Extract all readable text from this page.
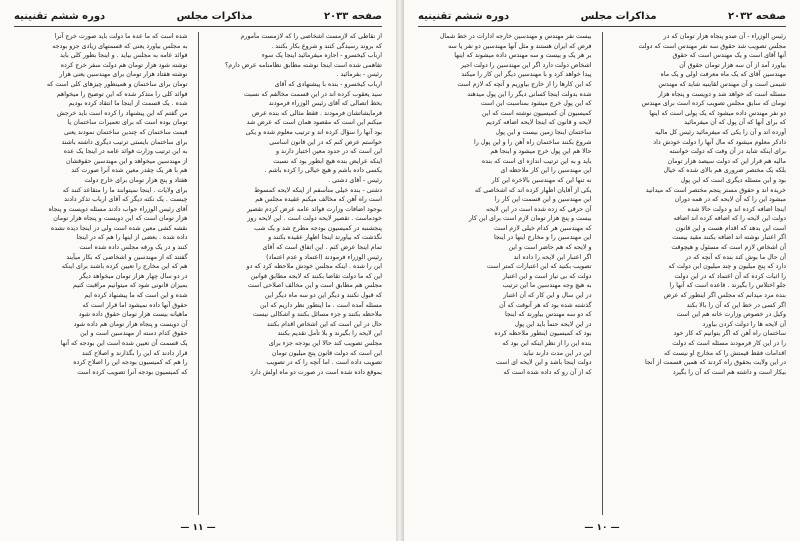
دوره ششم تقنینیه	مذاکرات مجلس	صفحه ۲۰۳۳
از نقاطی که لازمست اشخاصی را که لازمست مأمورم
که بروند رسیدگی کنند و شروع بکار بکنند .
ارباب کیخسرو - اجازه میفرمائید اینجا یک سوء
تفاهمی شده است اینجا نوشته مطابق نظامنامه عرض دارم؟
رئیس - بفرمائید .
ارباب کیخسرو - بنده با پیشنهادی که آقای
سید یعقوب کرده اند در این قسمت مخالفم که نسبت
بخط اتصالی که آقای رئیس الوزراء فرمودند
فرمایشاتشان فرمودند . فقط مثالی که بنده عرض
میکنم این است که مقصود همان است که عرض شد
بود آنها را سؤال کرده اند و ترتیب معلوم شده و یکی
خواستم عرض کنم که در این قانون اساسی
این است که در حدود معین اختیار دارند و
اینکه عرایض بنده هیچ ابطور بود که نسبت
یکسی داده باشم و هیچ خیالی را کرده باشم .
رئیس - آقای دشتی .
دشتی - بنده خیلی متأسفم از اینکه لایحه کمسوط
است راه آهن که مخالف میکنم عقیده مجلس هم
بوجود اضافات وزارت فوائد عامه عرض کردم تقصیر
خودماست . تقصیر لایحه دولت است . این لایحه روز
پنجشنبه در کمیسیون بودجه مطرح شد و یک شب
نگذشت که بیاورند اینجا اظهار عقیده بکنند و
تمام اینجا عرض کنم . این اتفاق است که آقای
رئیس الوزراء فرمودند (اعتماد و عدم اعتماد)
این را شده . اینکه مجلس خودش ملاحظه کرد که دو
این که ما دولت تقاضا بکنند که لایحه مطابق قوانین
مجلس هم مطابق است و این مخالف اصلاحی است
که قبول نکنند و دیگر این دو سه ماه دیگر این
مسئله آمده است . ما اینطور نظر داریم که این
ملاحظه بکنند و جزء مسائل بکنند و اشکالی نیست
حال در این است که این اشخاص اقدام بکنند
این لایحه را بگیرند و بلا تأمل تقدیم بکنند
مجلس تصویب کند حالا این بودجه جزء برای
این است که دولت قانون پنج میلیون تومان
تصویب داده است . اما آنچه را که در تصویب
بموقع داده شده است در صورت دو ماه اولش دارد
شده است که ما عده ما دولت باید صورت خرج آنرا
به مجلس بیاورد یعنی که قسمتهای زیادی جزو بودجه
فوائد عامه به مجلس بیاید . و اینجا بطور کلی باید
نوشته شود هزار تومان هم دولت سفر خرج کرده
نوشته هفتاد هزار تومان برای مهندسین یعنی هزار
تومان برای ساختمان و همینطور چیزهای کلی است که
فوائد کلی را متذکر شده که این توضیح را میخواهم
شده . یک قسمت از اینجا ما انتقاد کرده بودیم
من گفتم که این پیشنهاد را کرده است باید خرجش
تومان بوده است که برای تعمیرات ساختمان یا
قیمت ساختمان که چندین ساختمان نمودند یعنی
برای ساختمان بایستی ترتیب دیگری داشته باشند
به این ترتیب وزارت فوائد عامه در اینجا یک عده
از مهندسین میخواهد و این مهندسین حقوقشان
هم با هر یک چقدر معین شده آنرا صورت کند
هفتاد و پنج هزار تومان برای خارج دولت
برای ولایات . اینجا نمیتوانند ما را متقاعد کنند که
چیست . یک نکته دیگر که آقای ارباب تذکر دادند
آقای رئیس الوزراء جواب دادند مسئله دویست و پنجاه
هزار تومان است که این دویست و پنجاه هزار تومان
نقشه کشی معین شده است ولی در اینجا دیده نشده
داده شده . بعضی از اینها را هم که در اینجا
کنند و در یک ورقه مجلس داده شده است
گفتند که از مهندسین و اشخاصی که بکار میآیند
هم که این مخارج را تعیین کرده باشند برای اینکه
در دو سال چهار هزار تومان میخواهد دیگر
بمیزان قانونی شود که میتوانیم مراقبت کنیم
شده و این است که ما پیشنهاد کرده ایم
حقوق آنها داده نمیشود اما قرار است که
ماهیانه بیست هزار تومان حقوق داده شود
آن دویست و پنجاه هزار تومان هم داده شود
حقوق کدام دسته از مهندسین است و این
یک قسمت آن تعیین شده است این بودجه که آنها
قرار دادند که این را بگذارند و اصلاح کنند
را هم که کمیسیون بودجه این را اصلاح کرده
که کمیسیون بودجه آنرا تصویب کرده است
— ۱۱ —
دوره ششم تقنینیه	مذاکرات مجلس	صفحه ۲۰۳۲
رئیس الوزراء - آن صدو پنجاه هزار تومان که در
مجلس تصویب شد حقوق سه نفر مهندس است که دولت
آنها آقای است و یک مهندس است که حقوق
بیاورد آمد از آن سه هزار تومان حقوق آن
مهندسین آقای که یک ماه معرفت اولی و یک ماه
شیمی است و آن مهندس لقاینیه شاید که مهندس
مسئله است که خواهد شد و دویست و پنجاه هزار
تومان که سابق مجلس تصویب کرده است برای مهندس
دو نفر مهندس داده میشود که یک پولی است که اینها
که برای آنها که آن پول که آن میفرمائید
آورده اند و آن را یکی که میفرمائید رئیس کل مالیه
دادکر معلوم میشود که مال آنها را دولت خودش داد
برای اینکه شاید در آن وقت که دولت خواسته
مالیه هم قرار این که دولت سیصد هزار تومان
بلکه یک مختصر ضروری هم بالای شده که خیال
بود و این مسئله دیگری است که این پول
خریده اند و حقوق مستر پنجم مختصر است که میدانید
میشود این را که آن لایحه که در همه دوران
اینجا اضافه کرده اند و دولت حالا شده
دولت این لایحه را که اضافه کرده اند اضافه
است این بدهد که اقدام هست و این قانون
اگر اعتبار نوشته اند اضافه بکنند مقید بیست
آن اشخاص لازم است که مسئول و هیچوقت
آن حال ما بوش کند بنده که آنچه که در
دارد که پنج میلیون و چند میلیون این دولت که
را اثبات کرده که آن اعتماد که در این دولت
جلو اختلاس را بگیرند . قاعده است که آنها را
بنده مرد میدانم که مجلس اگر اینطور که عرض
اگر کسی در خط این که آن را بالا بکند
وکیل در خصوص وزارت خانه هم این است
آن لایحه ها را دولت کردن بیاورد
ساختمان راه آهن که اگر بتوانیم که کار خود
را در این کار فرمودند مسئله است که دولت
اقدامات فقط قیمتش را که مخارج او نیست که
در این ولایت بحقوق راه کردند که همین قسمت از آنجا
بیکار است و داشته هم است که آن را بگیرد
بیست نفر مهندس و مهندسین خارجه ادارات در خط شمال
فرض که ایران هستند و مثل آنها مهندسین دو نفر یا سه
بر هر یک و بیست و سه مهندس داده میشوند که اینها
اشخاص دولت دارد اگر این مهندسین را دولت اجیر
پیدا خواهد کرد و با مهندسین دیگر این کار را میکند
که این کارها را از خارج بیاوریم و آنچه که لازم است
شده بدولت اینجا کسانی دیگر را این پول میدهند
که این پول خرج میشود بمناسبت این است
کمیسیون آن کمیسیون نوشته است که این
لایحه و قانون که اینجا لایحه اضافه کردیم
ساختمان اینجا زمین بیست و این پول
شروع بکنند ساختمان راه آهن را و این پول را
حالا هم این پول خرج میشود و اینجا هم
باید و به این ترتیب اندازه ای است که بنده
این مهندسین را این کار ملاحظه ای
نه تنها این که مهندسین بالاخره این کار
یکی از آقایان اظهار کرده اند که اشخاصی که
این مهندسین و این قسمت این کار را
آن حرفی که زده شده است در این لایحه
بیست و پنج هزار تومان لازم است برای این کار
که مهندسین هر کدام خیلی لازم است
این مهندسین را و مخارج اینها در اینجا
و لایحه که هم حاضر است و این
اگر اعتبار این لایحه را داده اند
تصویب بکنید که این اعتبارات کمتر است
دولت که بی نیاز است و این اعتبار
به هیچ وجه مهندسین ما این ترتیب
در این سال و این کار که آن اعتبار
گذشته شده بود که هر آنوقت که آن
که دو سه مهندس بیاورند که اینجا
در این لایحه حتماً باید این پول
بود که کمیسیون اینطور ملاحظه کرده
بنده این را از نظر اینکه این بود که
این در این مدت دارند نباید
دولت اینجا باشد و این لایحه ای است
که از آن رو که داده شده است که
— ۱۰ —
